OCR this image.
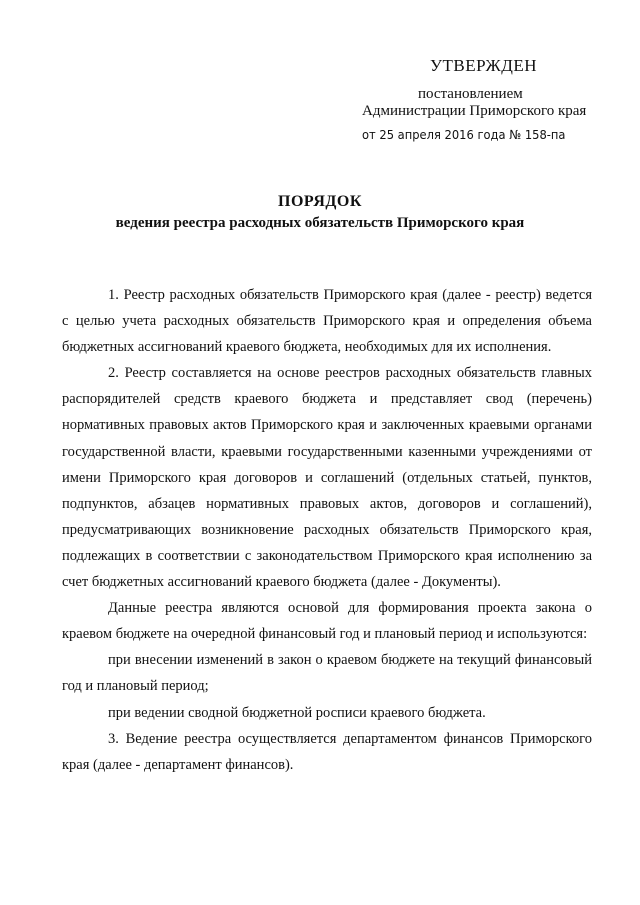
УТВЕРЖДЕН
постановлением
Администрации Приморского края
от 25 апреля 2016 года № 158-па
ПОРЯДОК
ведения реестра расходных обязательств Приморского края

1. Реестр расходных обязательств Приморского края (далее - реестр) ведется с целью учета расходных обязательств Приморского края и определения объема бюджетных ассигнований краевого бюджета, необходимых для их исполнения.

2. Реестр составляется на основе реестров расходных обязательств главных распорядителей средств краевого бюджета и представляет свод (перечень) нормативных правовых актов Приморского края и заключенных краевыми органами государственной власти, краевыми государственными казенными учреждениями от имени Приморского края договоров и соглашений (отдельных статьей, пунктов, подпунктов, абзацев нормативных правовых актов, договоров и соглашений), предусматривающих возникновение расходных обязательств Приморского края, подлежащих в соответствии с законодательством Приморского края исполнению за счет бюджетных ассигнований краевого бюджета (далее - Документы).

Данные реестра являются основой для формирования проекта закона о краевом бюджете на очередной финансовый год и плановый период и используются:

при внесении изменений в закон о краевом бюджете на текущий финансовый год и плановый период;

при ведении сводной бюджетной росписи краевого бюджета.

3. Ведение реестра осуществляется департаментом финансов Приморского края (далее - департамент финансов).
